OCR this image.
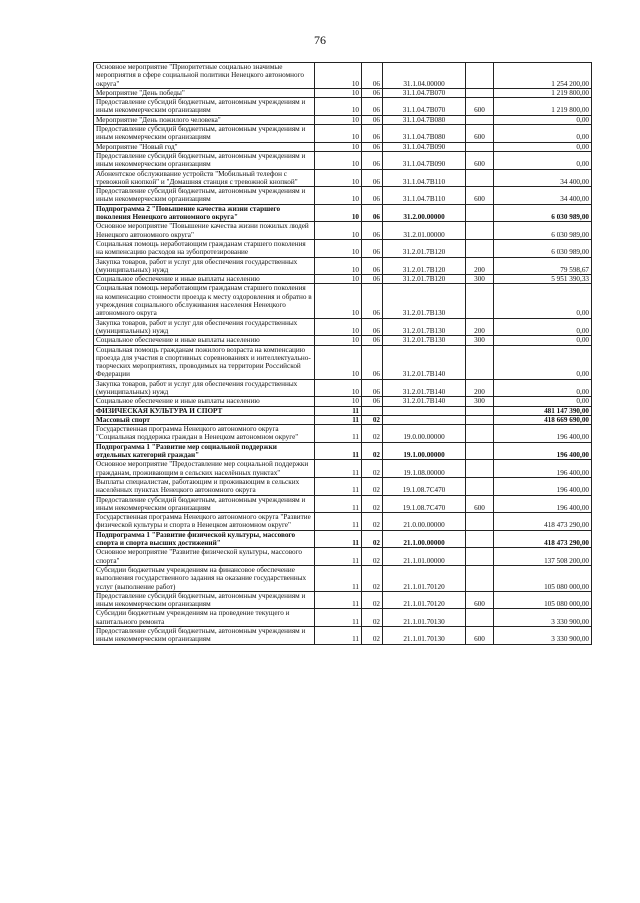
76
Основное мероприятие "Приоритетные социально значимые мероприятия в сфере социальной политики Ненецкого автономного округа"	10	06	31.1.04.00000		1 254 200,00
Мероприятие "День победы"	10	06	31.1.04.7B070		1 219 800,00
Предоставление субсидий бюджетным, автономным учреждениям и иным некоммерческим организациям	10	06	31.1.04.7B070	600	1 219 800,00
Мероприятие "День пожилого человека"	10	06	31.1.04.7B080		0,00
Предоставление субсидий бюджетным, автономным учреждениям и иным некоммерческим организациям	10	06	31.1.04.7B080	600	0,00
Мероприятие "Новый год"	10	06	31.1.04.7B090		0,00
Предоставление субсидий бюджетным, автономным учреждениям и иным некоммерческим организациям	10	06	31.1.04.7B090	600	0,00
Абонентское обслуживание устройств "Мобильный телефон с тревожной кнопкой" и "Домашняя станция с тревожной кнопкой"	10	06	31.1.04.7B110		34 400,00
Предоставление субсидий бюджетным, автономным учреждениям и иным некоммерческим организациям	10	06	31.1.04.7B110	600	34 400,00
Подпрограмма 2 "Повышение качества жизни старшего поколения Ненецкого автономного округа"	10	06	31.2.00.00000		6 030 989,00
Основное мероприятие "Повышение качества жизни пожилых людей Ненецкого автономного округа"	10	06	31.2.01.00000		6 030 989,00
Социальная помощь неработающим гражданам старшего поколения на компенсацию расходов на зубопротезирование	10	06	31.2.01.7B120		6 030 989,00
Закупка товаров, работ и услуг для обеспечения государственных (муниципальных) нужд	10	06	31.2.01.7B120	200	79 598,67
Социальное обеспечение и иные выплаты населению	10	06	31.2.01.7B120	300	5 951 390,33
Социальная помощь неработающим гражданам старшего поколения на компенсацию стоимости проезда к месту оздоровления и обратно в учреждения социального обслуживания населения Ненецкого автономного округа	10	06	31.2.01.7B130		0,00
Закупка товаров, работ и услуг для обеспечения государственных (муниципальных) нужд	10	06	31.2.01.7B130	200	0,00
Социальное обеспечение и иные выплаты населению	10	06	31.2.01.7B130	300	0,00
Социальная помощь гражданам пожилого возраста на компенсацию проезда для участия в спортивных соревнованиях и интеллектуально-творческих мероприятиях, проводимых на территории Российской Федерации	10	06	31.2.01.7B140		0,00
Закупка товаров, работ и услуг для обеспечения государственных (муниципальных) нужд	10	06	31.2.01.7B140	200	0,00
Социальное обеспечение и иные выплаты населению	10	06	31.2.01.7B140	300	0,00
ФИЗИЧЕСКАЯ КУЛЬТУРА И СПОРТ	11				481 147 390,00
Массовый спорт	11	02			418 669 690,00
Государственная программа Ненецкого автономного округа "Социальная поддержка граждан в Ненецком автономном округе"	11	02	19.0.00.00000		196 400,00
Подпрограмма 1 "Развитие мер социальной поддержки отдельных категорий граждан"	11	02	19.1.00.00000		196 400,00
Основное мероприятие "Предоставление мер социальной поддержки гражданам, проживающим в сельских населённых пунктах"	11	02	19.1.08.00000		196 400,00
Выплаты специалистам, работающим и проживающим в сельских населённых пунктах Ненецкого автономного округа	11	02	19.1.08.7C470		196 400,00
Предоставление субсидий бюджетным, автономным учреждениям и иным некоммерческим организациям	11	02	19.1.08.7C470	600	196 400,00
Государственная программа Ненецкого автономного округа "Развитие физической культуры и спорта в Ненецком автономном округе"	11	02	21.0.00.00000		418 473 290,00
Подпрограмма 1 "Развитие физической культуры, массового спорта и спорта высших достижений"	11	02	21.1.00.00000		418 473 290,00
Основное мероприятие "Развитие физической культуры, массового спорта"	11	02	21.1.01.00000		137 508 200,00
Субсидии бюджетным учреждениям на финансовое обеспечение выполнения государственного задания на оказание государственных услуг (выполнение работ)	11	02	21.1.01.70120		105 080 000,00
Предоставление субсидий бюджетным, автономным учреждениям и иным некоммерческим организациям	11	02	21.1.01.70120	600	105 080 000,00
Субсидии бюджетным учреждениям на проведение текущего и капитального ремонта	11	02	21.1.01.70130		3 330 900,00
Предоставление субсидий бюджетным, автономным учреждениям и иным некоммерческим организациям	11	02	21.1.01.70130	600	3 330 900,00
